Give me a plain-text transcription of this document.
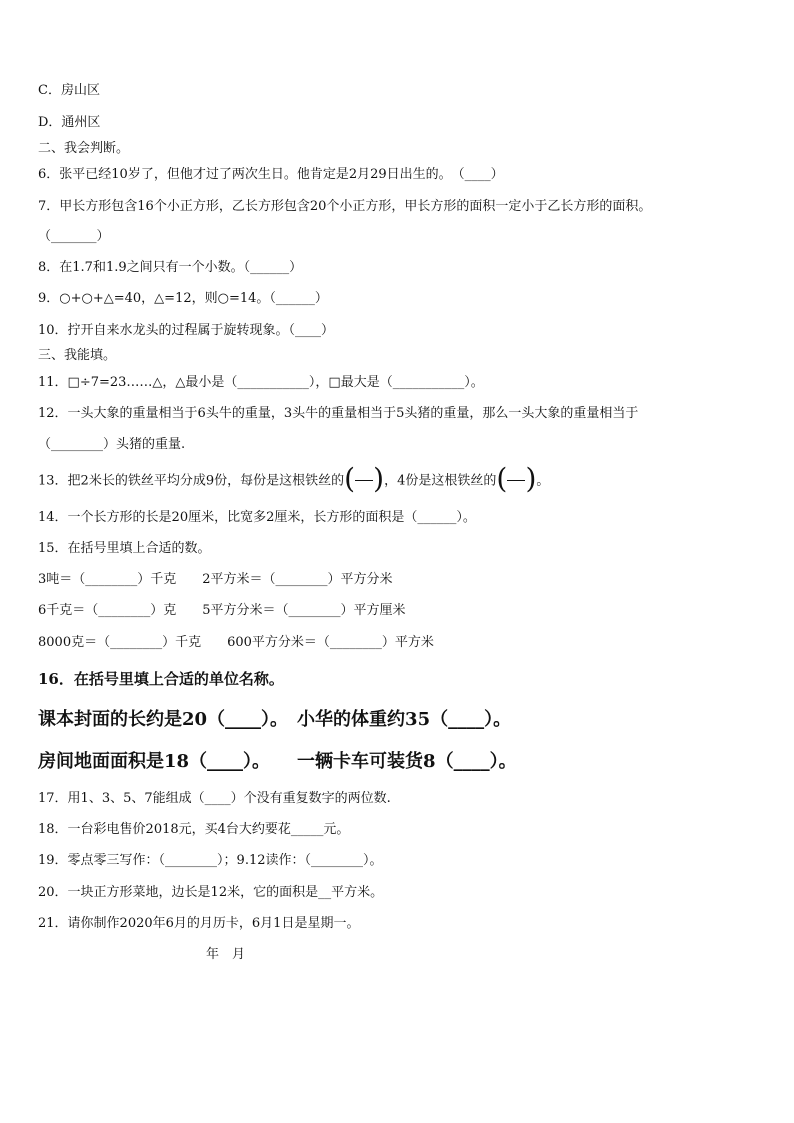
C．房山区
D．通州区
二、我会判断。
6．张平已经10岁了，但他才过了两次生日。他肯定是2月29日出生的。　（____）
7．甲长方形包含16个小正方形，乙长方形包含20个小正方形，甲长方形的面积一定小于乙长方形的面积。
（_______）
8．在1.7和1.9之间只有一个小数。（______）
9．○+○+△=40，△=12，则○=14。（______）
10．拧开自来水龙头的过程属于旋转现象。（____）
三、我能填。
11．□÷7=23……△，△最小是（___________），□最大是（___________）。
12．一头大象的重量相当于6头牛的重量，3头牛的重量相当于5头猪的重量，那么一头大象的重量相当于
（________）头猪的重量.
13．把2米长的铁丝平均分成9份，每份是这根铁丝的 ( ) ，4份是这根铁丝的 ( ) 。
14．一个长方形的长是20厘米，比宽多2厘米，长方形的面积是（______）。
15．在括号里填上合适的数。
3吨＝（________）千克　　2平方米＝（________）平方分米
6千克＝（________）克　　5平方分米＝（________）平方厘米
8000克＝（________）千克　　600平方分米＝（________）平方米
16．在括号里填上合适的单位名称。
课本封面的长约是20（____）。　小华的体重约35（____）。
房间地面面积是18（____）。　　一辆卡车可装货8（____）。
17．用1、3、5、7能组成（____）个没有重复数字的两位数.
18．一台彩电售价2018元，买4台大约要花_____元。
19．零点零三写作：（________）；9.12读作：（________）。
20．一块正方形菜地，边长是12米，它的面积是__平方米。
21．请你制作2020年6月的月历卡，6月1日是星期一。
年　月
